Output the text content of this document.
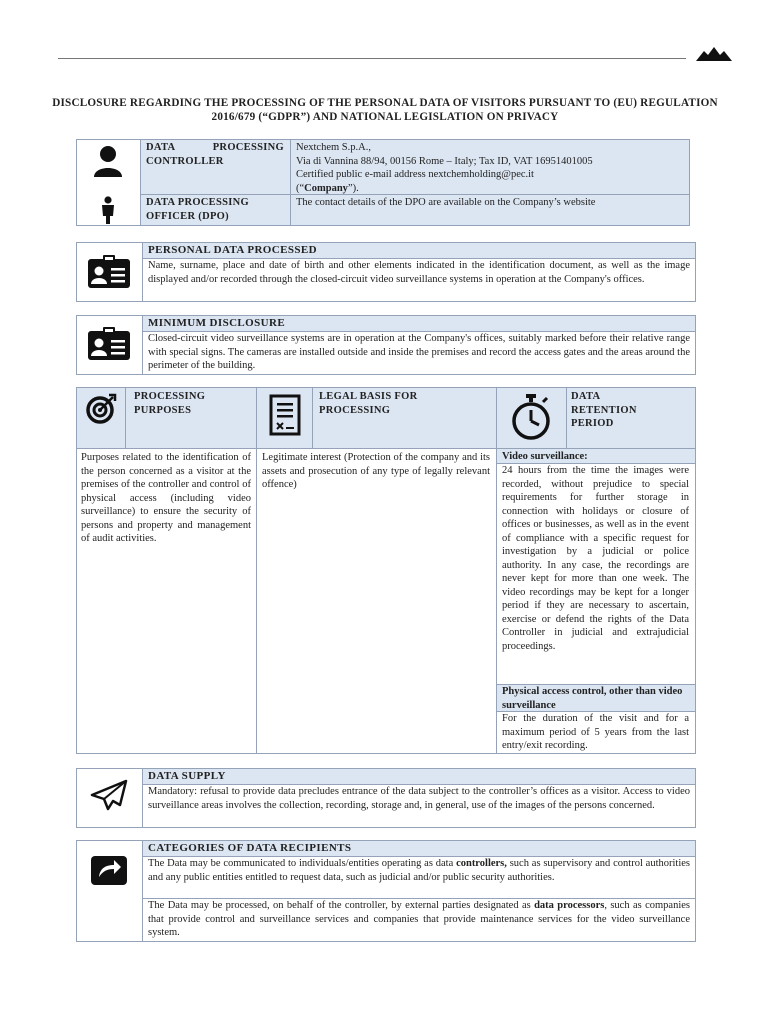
DISCLOSURE REGARDING THE PROCESSING OF THE PERSONAL DATA OF VISITORS PURSUANT TO (EU) REGULATION 2016/679 (“GDPR”) AND NATIONAL LEGISLATION ON PRIVACY
DATA PROCESSING CONTROLLER
Nextchem S.p.A.,
Via di Vannina 88/94, 00156 Rome – Italy; Tax ID, VAT 16951401005
Certified public e-mail address nextchemholding@pec.it
(“Company”).
DATA PROCESSING OFFICER (DPO)
The contact details of the DPO are available on the Company’s website
PERSONAL DATA PROCESSED
Name, surname, place and date of birth and other elements indicated in the identification document, as well as the image displayed and/or recorded through the closed-circuit video surveillance systems in operation at the Company's offices.
MINIMUM DISCLOSURE
Closed-circuit video surveillance systems are in operation at the Company's offices, suitably marked before their relative range with special signs. The cameras are installed outside and inside the premises and record the access gates and the areas around the perimeter of the building.
PROCESSING PURPOSES
LEGAL BASIS FOR PROCESSING
DATA RETENTION PERIOD
Purposes related to the identification of the person concerned as a visitor at the premises of the controller and control of physical access (including video surveillance) to ensure the security of persons and property and management of audit activities.
Legitimate interest (Protection of the company and its assets and prosecution of any type of legally relevant offence)
Video surveillance:
24 hours from the time the images were recorded, without prejudice to special requirements for further storage in connection with holidays or closure of offices or businesses, as well as in the event of compliance with a specific request for investigation by a judicial or police authority. In any case, the recordings are never kept for more than one week. The video recordings may be kept for a longer period if they are necessary to ascertain, exercise or defend the rights of the Data Controller in judicial and extrajudicial proceedings.
Physical access control, other than video surveillance
For the duration of the visit and for a maximum period of 5 years from the last entry/exit recording.
DATA SUPPLY
Mandatory: refusal to provide data precludes entrance of the data subject to the controller’s offices as a visitor. Access to video surveillance areas involves the collection, recording, storage and, in general, use of the images of the persons concerned.
CATEGORIES OF DATA RECIPIENTS
The Data may be communicated to individuals/entities operating as data controllers, such as supervisory and control authorities and any public entities entitled to request data, such as judicial and/or public security authorities.
The Data may be processed, on behalf of the controller, by external parties designated as data processors, such as companies that provide control and surveillance services and companies that provide maintenance services for the video surveillance system.
